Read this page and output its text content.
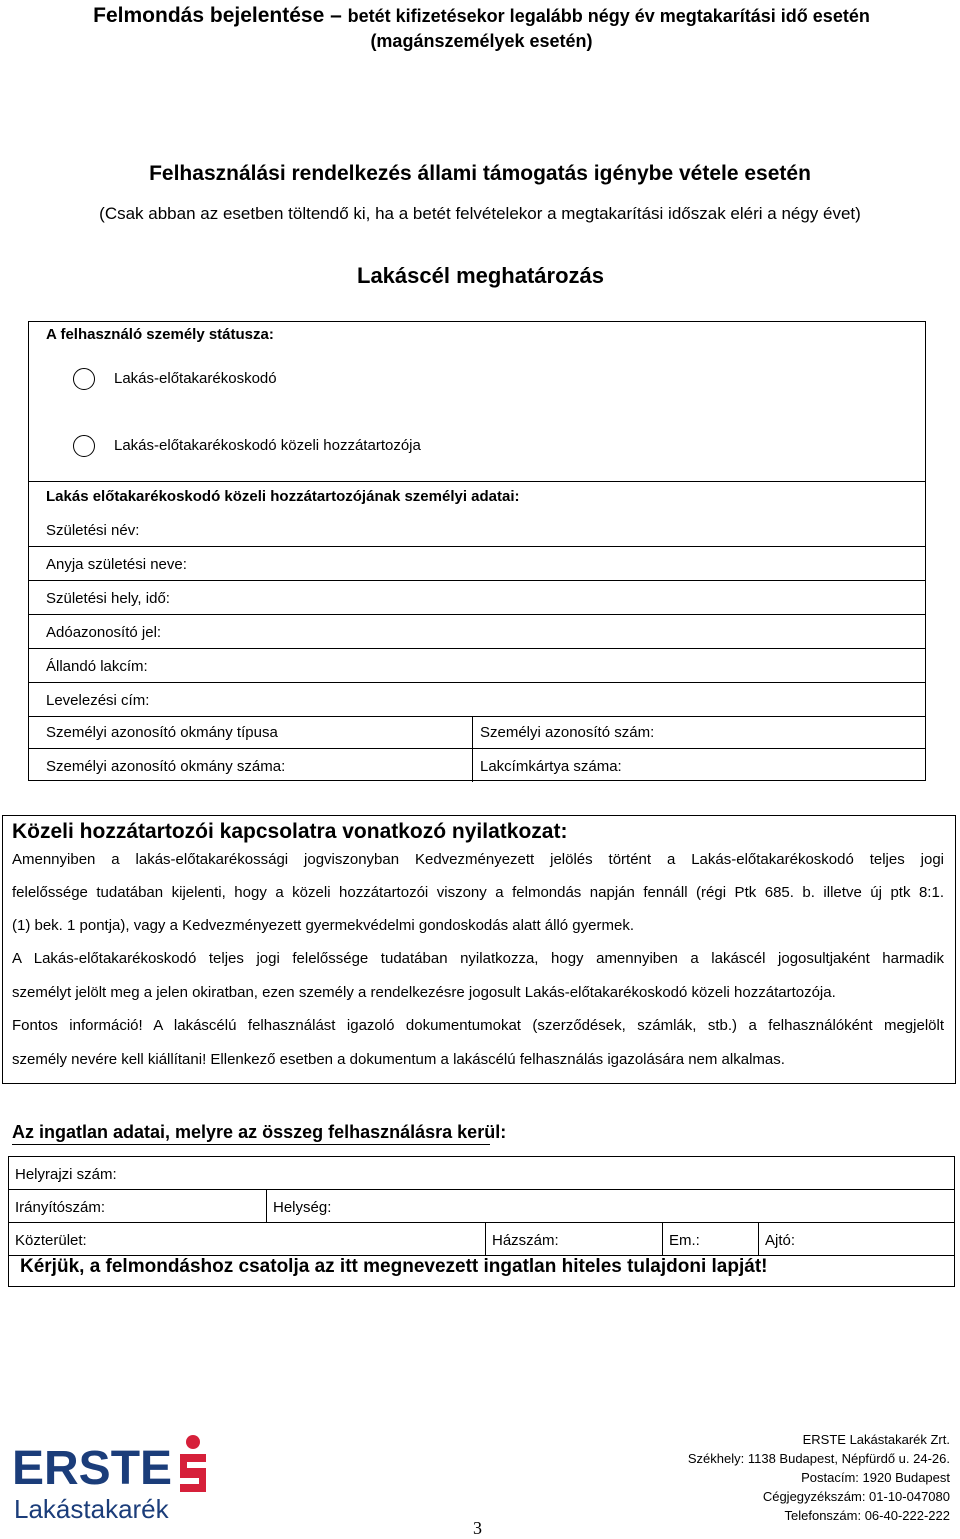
Felmondás bejelentése – betét kifizetésekor legalább négy év megtakarítási idő esetén
(magánszemélyek esetén)
Felhasználási rendelkezés állami támogatás igénybe vétele esetén
(Csak abban az esetben töltendő ki, ha a betét felvételekor a megtakarítási időszak eléri a négy évet)
Lakáscél meghatározás
A felhasználó személy státusza:
Lakás-előtakarékoskodó
Lakás-előtakarékoskodó közeli hozzátartozója
Lakás előtakarékoskodó közeli hozzátartozójának személyi adatai:
Születési név:
Anyja születési neve:
Születési hely, idő:
Adóazonosító jel:
Állandó lakcím:
Levelezési cím:
Személyi azonosító okmány típusa	Személyi azonosító szám:
Személyi azonosító okmány száma:	Lakcímkártya száma:
Közeli hozzátartozói kapcsolatra vonatkozó nyilatkozat:
Amennyiben a lakás-előtakarékossági jogviszonyban Kedvezményezett jelölés történt a Lakás-előtakarékoskodó teljes jogi
felelőssége tudatában kijelenti, hogy a közeli hozzátartozói viszony a felmondás napján fennáll (régi Ptk 685. b. illetve új ptk 8:1.
(1) bek. 1 pontja), vagy a Kedvezményezett gyermekvédelmi gondoskodás alatt álló gyermek.
A Lakás-előtakarékoskodó teljes jogi felelőssége tudatában nyilatkozza, hogy amennyiben a lakáscél jogosultjaként harmadik
személyt jelölt meg a jelen okiratban, ezen személy a rendelkezésre jogosult Lakás-előtakarékoskodó közeli hozzátartozója.
Fontos információ! A lakáscélú felhasználást igazoló dokumentumokat (szerződések, számlák, stb.) a felhasználóként megjelölt
személy nevére kell kiállítani! Ellenkező esetben a dokumentum a lakáscélú felhasználás igazolására nem alkalmas.
Az ingatlan adatai, melyre az összeg felhasználásra kerül:
Helyrajzi szám:
Irányítószám:	Helység:
Közterület:	Házszám:	Em.:	Ajtó:
Kérjük, a felmondáshoz csatolja az itt megnevezett ingatlan hiteles tulajdoni lapját!
ERSTE
Lakástakarék
ERSTE Lakástakarék Zrt.
Székhely: 1138 Budapest, Népfürdő u. 24-26.
Postacím: 1920 Budapest
Cégjegyzékszám: 01-10-047080
Telefonszám: 06-40-222-222
3
